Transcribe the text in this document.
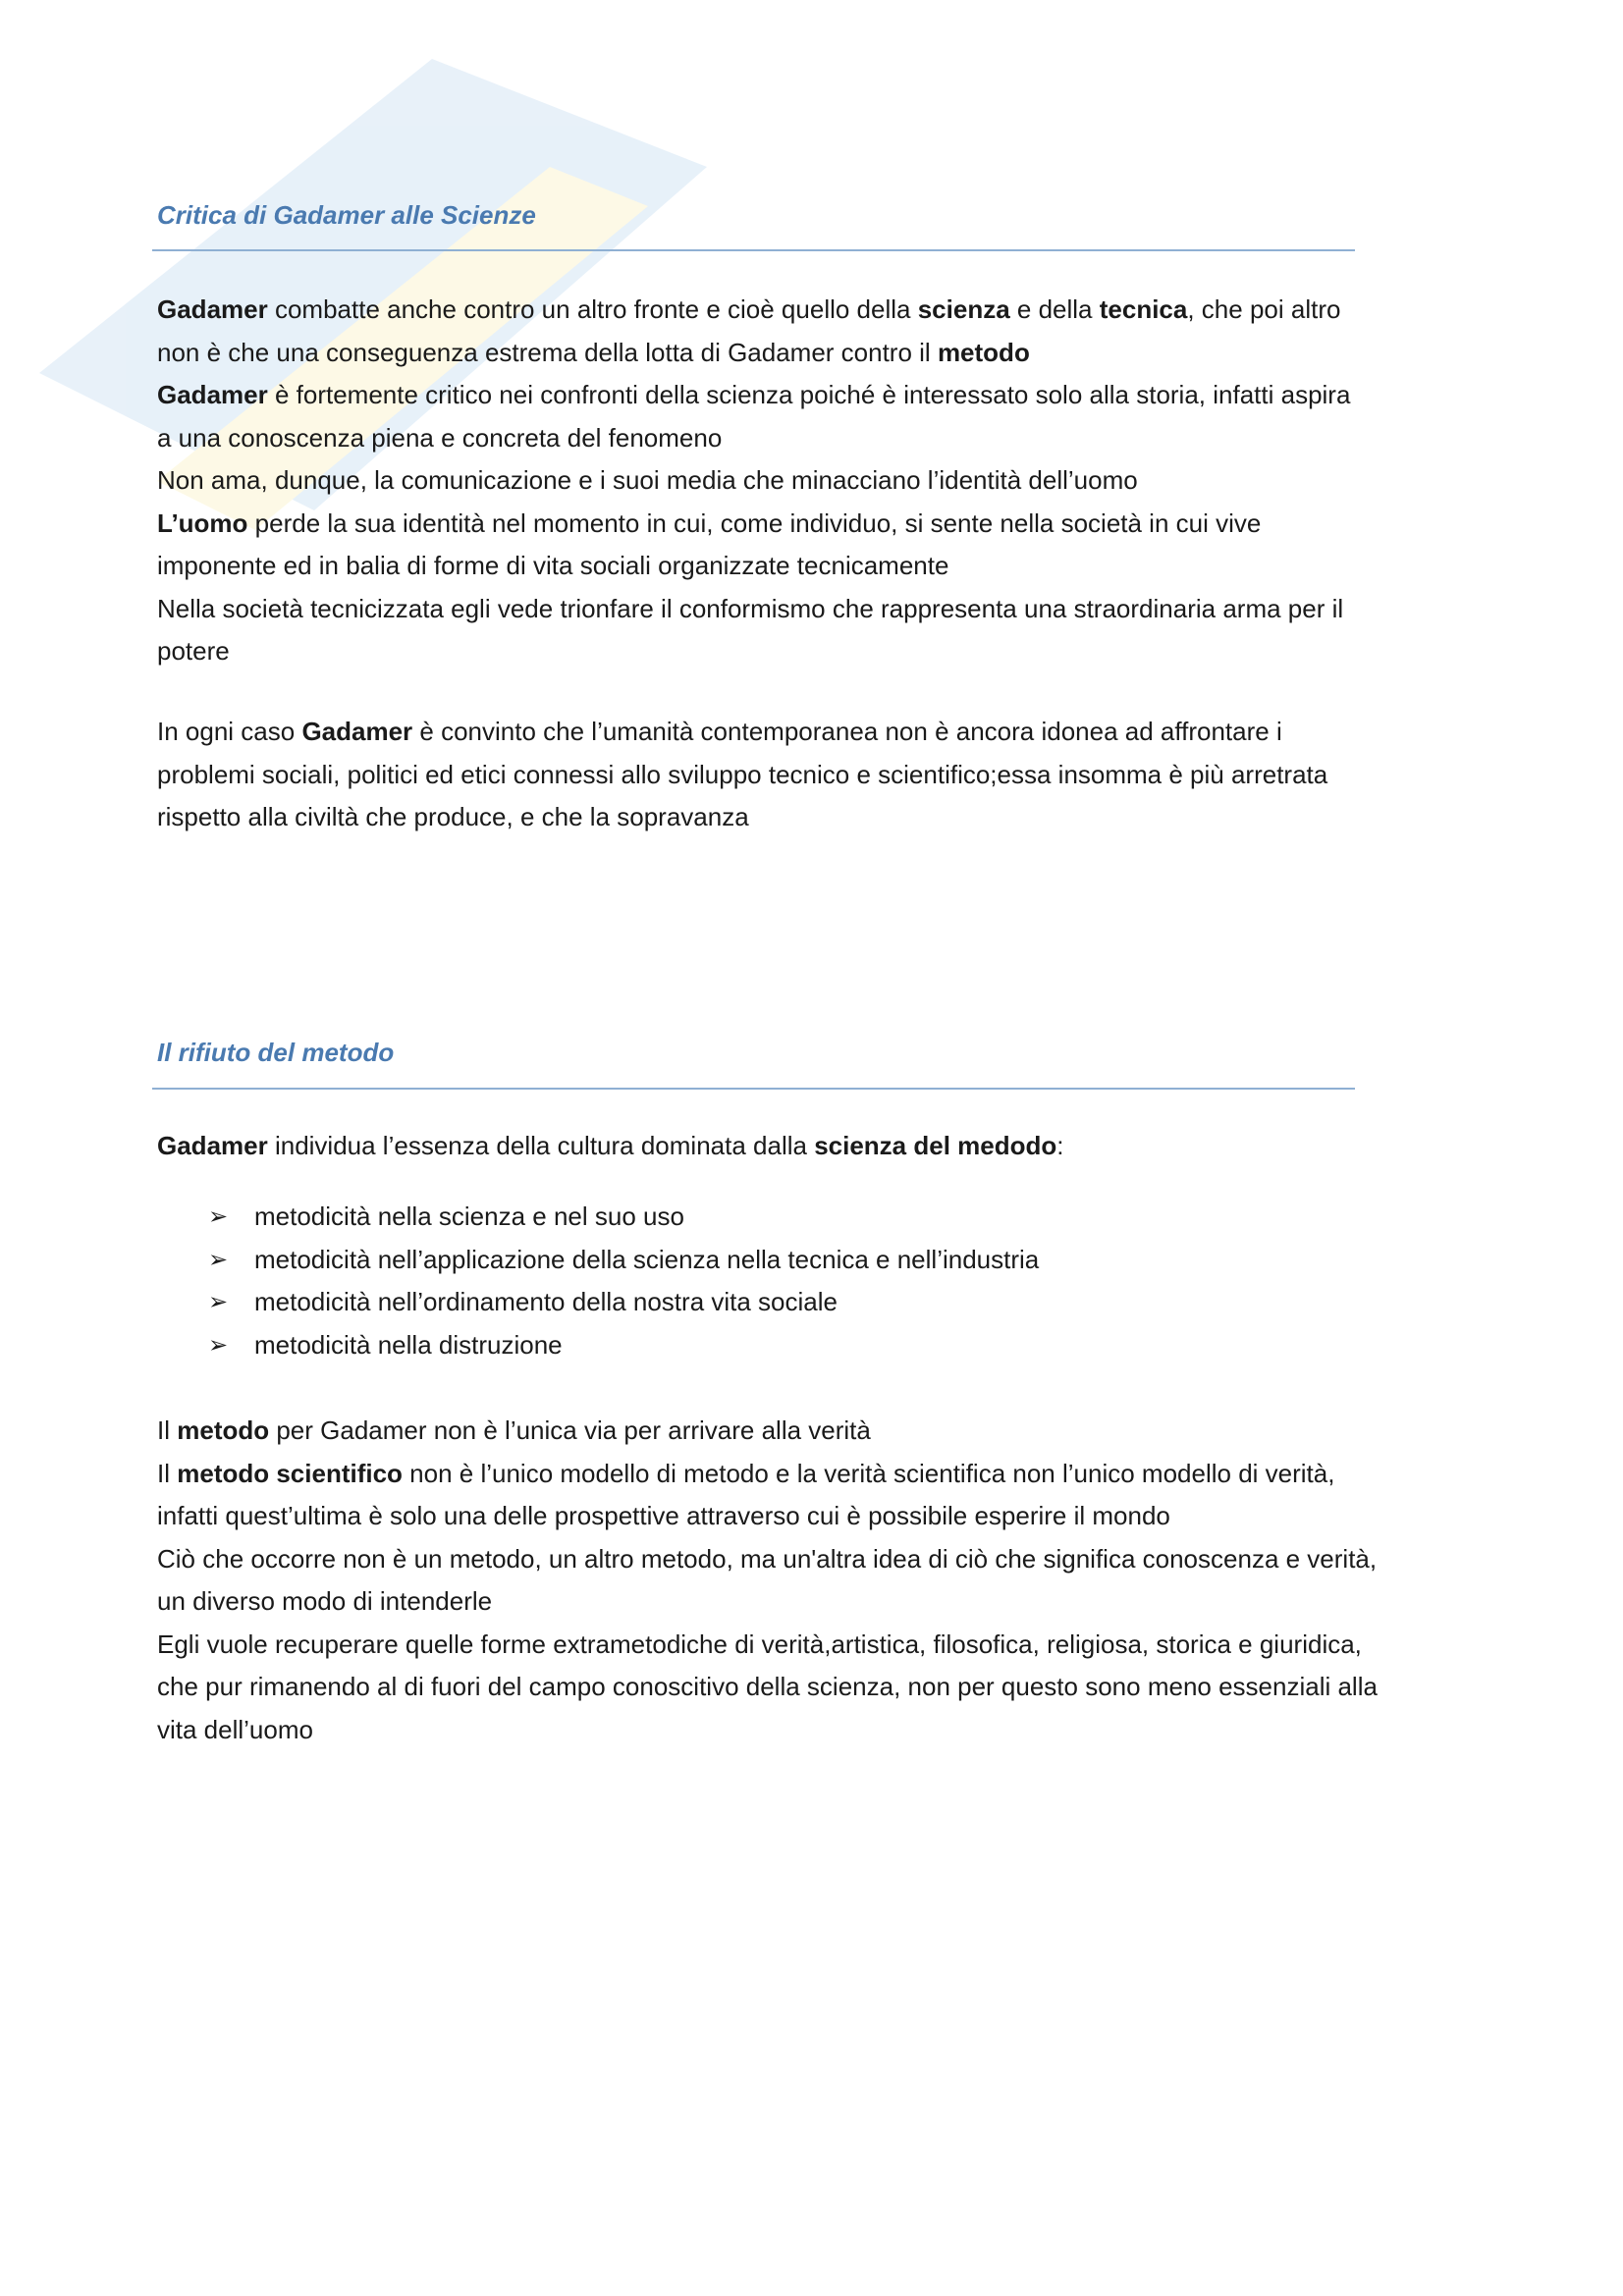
Critica di Gadamer alle Scienze

Gadamer combatte anche contro un altro fronte e cioè quello della scienza e della tecnica, che poi altro

non è che una conseguenza estrema della lotta di Gadamer contro il metodo

Gadamer è fortemente critico nei confronti della scienza poiché è interessato solo alla storia, infatti aspira

a una conoscenza piena e concreta del fenomeno

Non ama, dunque, la comunicazione e i suoi media che minacciano l’identità dell’uomo

L’uomo perde la sua identità nel momento in cui, come individuo, si sente nella società in cui vive

imponente ed in balia di forme di vita sociali organizzate tecnicamente

Nella società tecnicizzata egli vede trionfare il conformismo che rappresenta una straordinaria arma per il

potere

In ogni caso Gadamer è convinto che l’umanità contemporanea non è ancora idonea ad affrontare i

problemi sociali, politici ed etici connessi allo sviluppo tecnico e scientifico;essa insomma è più arretrata

rispetto alla civiltà che produce, e che la sopravanza

Il rifiuto del metodo

Gadamer individua l’essenza della cultura dominata dalla scienza del medodo:

➢ metodicità nella scienza e nel suo uso
➢ metodicità nell’applicazione della scienza nella tecnica e nell’industria
➢ metodicità nell’ordinamento della nostra vita sociale
➢ metodicità nella distruzione

Il metodo per Gadamer non è l’unica via per arrivare alla verità

Il metodo scientifico non è l’unico modello di metodo e la verità scientifica non l’unico modello di verità,

infatti quest’ultima è solo una delle prospettive attraverso cui è possibile esperire il mondo

Ciò che occorre non è un metodo, un altro metodo, ma un'altra idea di ciò che significa conoscenza e verità,

un diverso modo di intenderle

Egli vuole recuperare quelle forme extrametodiche di verità,artistica, filosofica, religiosa, storica e giuridica,

che pur rimanendo al di fuori del campo conoscitivo della scienza, non per questo sono meno essenziali alla

vita dell’uomo
